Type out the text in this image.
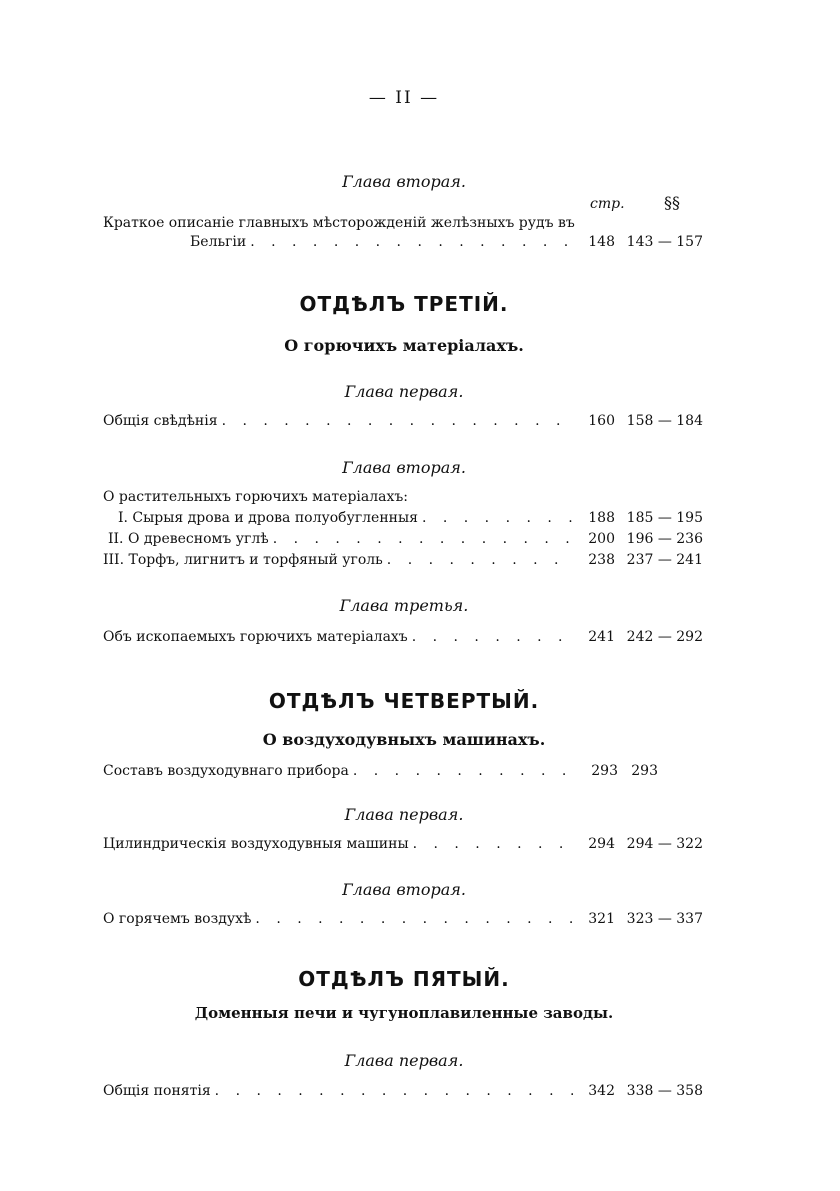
— II —
Глава вторая.
стр. §§
Краткое описаніе главныхъ мѣсторожденій желѣзныхъ рудъ въ
Бельгіи . . .	148 143 — 157
ОТДѢЛЪ ТРЕТІЙ.
О горючихъ матеріалахъ.
Глава первая.
Общія свѣдѣнія . . .	160 158 — 184
Глава вторая.
О растительныхъ горючихъ матеріалахъ:
I. Сырыя дрова и дрова полуобугленныя . . .	188 185 — 195
II. О древесномъ углѣ . . .	200 196 — 236
III. Торфъ, лигнитъ и торфяный уголь . . .	238 237 — 241
Глава третья.
Объ ископаемыхъ горючихъ матеріалахъ . . .	241 242 — 292
ОТДѢЛЪ ЧЕТВЕРТЫЙ.
О воздуходувныхъ машинахъ.
Составъ воздуходувнаго прибора . . .	293 293
Глава первая.
Цилиндрическія воздуходувныя машины . . .	294 294 — 322
Глава вторая.
О горячемъ воздухѣ . . .	321 323 — 337
ОТДѢЛЪ ПЯТЫЙ.
Доменныя печи и чугуноплавиленные заводы.
Глава первая.
Общія понятія . . .	342 338 — 358
